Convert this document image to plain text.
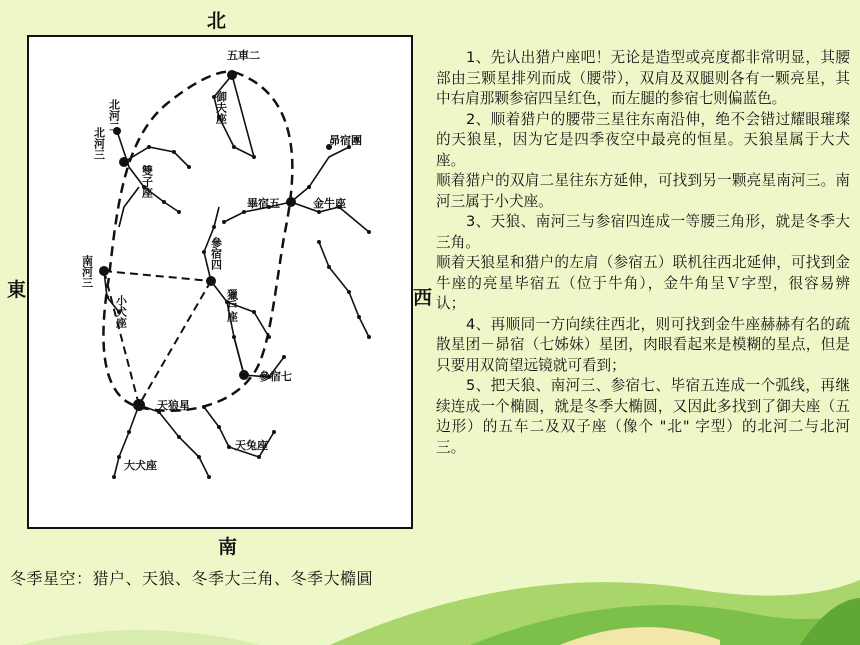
北
南
東	西
五車二
御夫座
北河二
北河三
雙子座
昴宿團
畢宿五	金牛座
參宿四
南河三
小犬座	獵戶座
參宿七
天狼星
天兔座
大犬座
冬季星空：猎户、天狼、冬季大三角、冬季大橢圓

1、先认出猎户座吧！无论是造型或亮度都非常明显，其腰部由三颗星排列而成（腰带），双肩及双腿则各有一颗亮星，其中右肩那颗参宿四呈红色，而左腿的参宿七则偏蓝色。

2、顺着猎户的腰带三星往东南沿伸，绝不会错过耀眼璀璨的天狼星，因为它是四季夜空中最亮的恒星。天狼星属于大犬座。

顺着猎户的双肩二星往东方延伸，可找到另一颗亮星南河三。南河三属于小犬座。

3、天狼、南河三与参宿四连成一等腰三角形，就是冬季大三角。

顺着天狼星和猎户的左肩（参宿五）联机往西北延伸，可找到金牛座的亮星毕宿五（位于牛角），金牛角呈Ｖ字型，很容易辨认；

4、再顺同一方向续往西北，则可找到金牛座赫赫有名的疏散星团－昴宿（七姊妹）星团，肉眼看起来是模糊的星点，但是只要用双筒望远镜就可看到；

5、把天狼、南河三、参宿七、毕宿五连成一个弧线，再继续连成一个椭圆，就是冬季大椭圆，又因此多找到了御夫座（五边形）的五车二及双子座（像个 "北" 字型）的北河二与北河三。
